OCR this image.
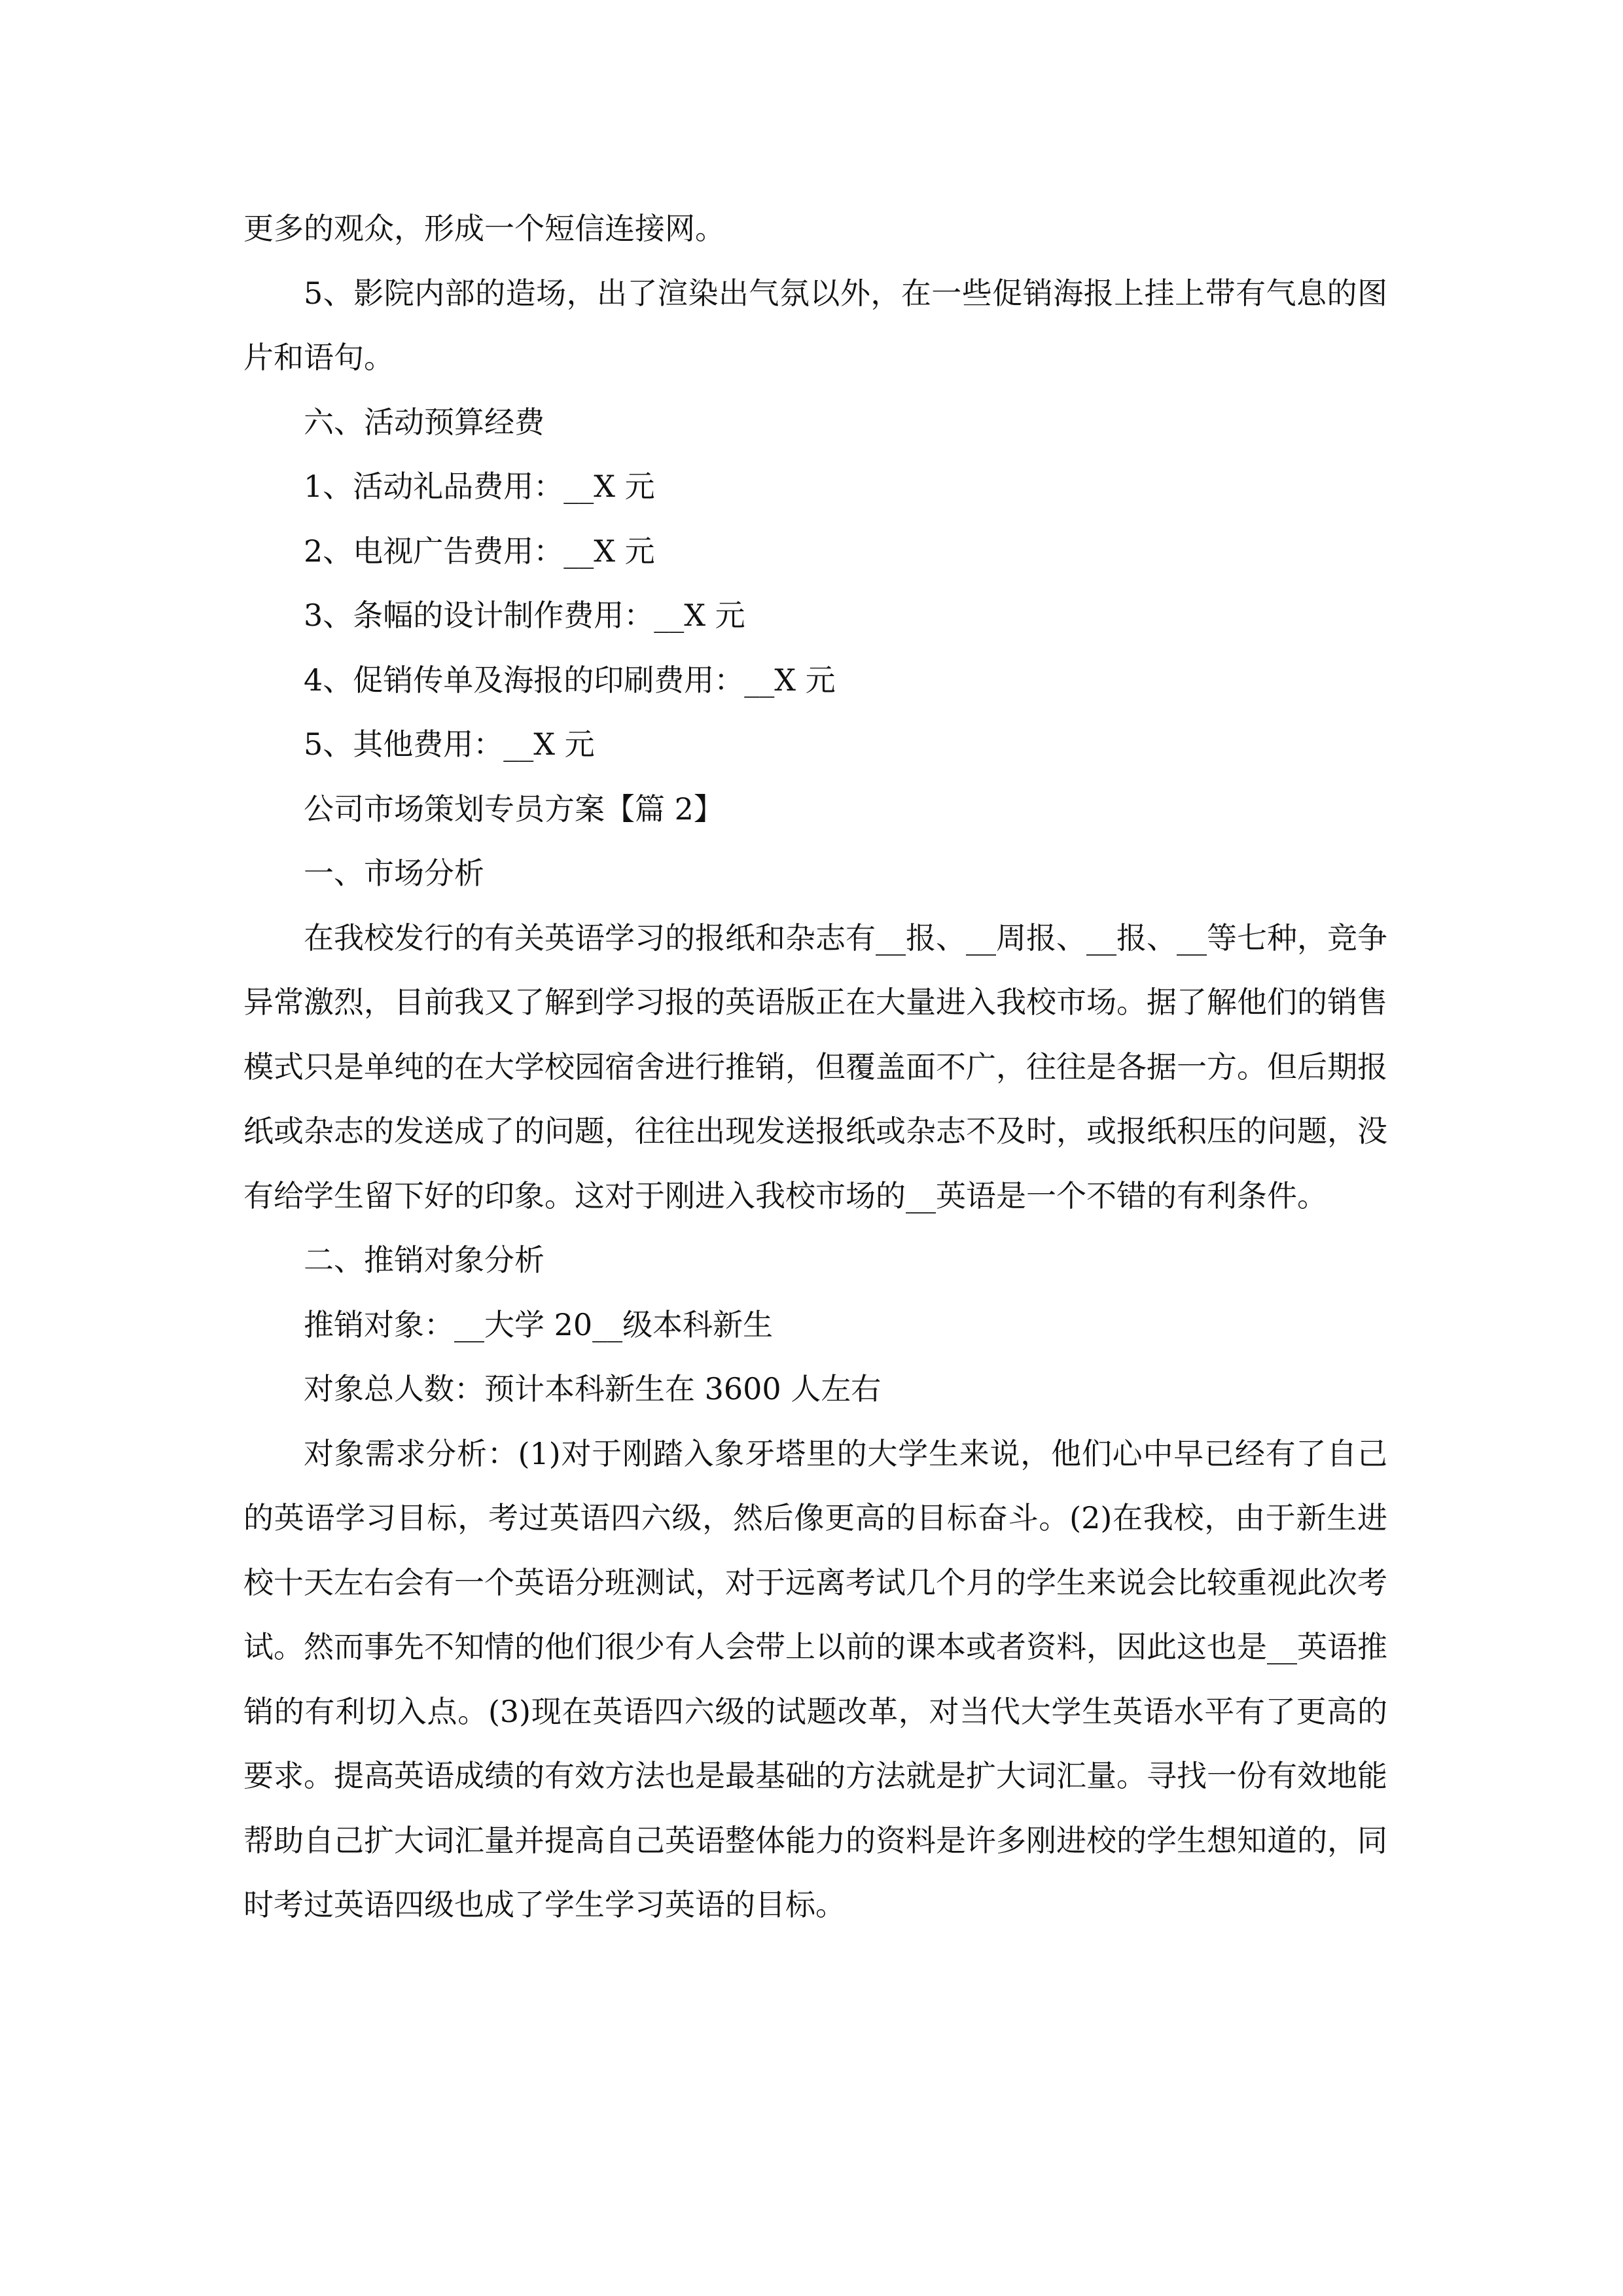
更多的观众，形成一个短信连接网。

5、影院内部的造场，出了渲染出气氛以外，在一些促销海报上挂上带有气息的图片和语句。

六、活动预算经费

1、活动礼品费用：__X 元

2、电视广告费用：__X 元

3、条幅的设计制作费用：__X 元

4、促销传单及海报的印刷费用：__X 元

5、其他费用：__X 元

公司市场策划专员方案【篇 2】

一、市场分析

在我校发行的有关英语学习的报纸和杂志有__报、__周报、__报、__等七种，竞争异常激烈，目前我又了解到学习报的英语版正在大量进入我校市场。据了解他们的销售模式只是单纯的在大学校园宿舍进行推销，但覆盖面不广，往往是各据一方。但后期报纸或杂志的发送成了的问题，往往出现发送报纸或杂志不及时，或报纸积压的问题，没有给学生留下好的印象。这对于刚进入我校市场的__英语是一个不错的有利条件。

二、推销对象分析

推销对象：__大学 20__级本科新生

对象总人数：预计本科新生在 3600 人左右

对象需求分析：(1)对于刚踏入象牙塔里的大学生来说，他们心中早已经有了自己的英语学习目标，考过英语四六级，然后像更高的目标奋斗。(2)在我校，由于新生进校十天左右会有一个英语分班测试，对于远离考试几个月的学生来说会比较重视此次考试。然而事先不知情的他们很少有人会带上以前的课本或者资料，因此这也是__英语推销的有利切入点。(3)现在英语四六级的试题改革，对当代大学生英语水平有了更高的要求。提高英语成绩的有效方法也是最基础的方法就是扩大词汇量。寻找一份有效地能帮助自己扩大词汇量并提高自己英语整体能力的资料是许多刚进校的学生想知道的，同时考过英语四级也成了学生学习英语的目标。
